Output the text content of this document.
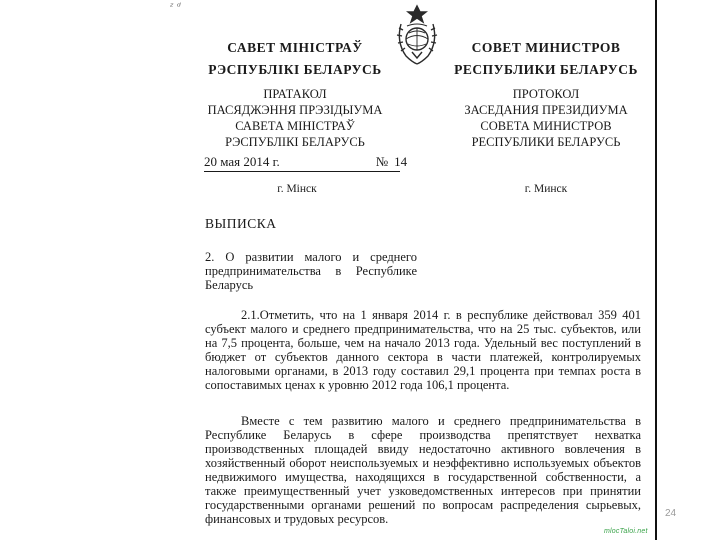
ᶻ ᵈ
САВЕТ МІНІСТРАЎ
РЭСПУБЛІКІ БЕЛАРУСЬ
СОВЕТ МИНИСТРОВ
РЕСПУБЛИКИ БЕЛАРУСЬ
ПРАТАКОЛ
ПАСЯДЖЭННЯ ПРЭЗІДЫУМА
САВЕТА МІНІСТРАЎ
РЭСПУБЛІКІ БЕЛАРУСЬ
ПРОТОКОЛ
ЗАСЕДАНИЯ ПРЕЗИДИУМА
СОВЕТА МИНИСТРОВ
РЕСПУБЛИКИ БЕЛАРУСЬ
20 мая 2014 г.	№ 14
г. Мінск	г. Минск
ВЫПИСКА
2. О развитии малого и среднего предпринимательства в Республике Беларусь
2.1.Отметить, что на 1 января 2014 г. в республике действовал 359 401 субъект малого и среднего предпринимательства, что на 25 тыс. субъектов, или на 7,5 процента, больше, чем на начало 2013 года. Удельный вес поступлений в бюджет от субъектов данного сектора в части платежей, контролируемых налоговыми органами, в 2013 году составил 29,1 процента при темпах роста в сопоставимых ценах к уровню 2012 года 106,1 процента.
Вместе с тем развитию малого и среднего предпринимательства в Республике Беларусь в сфере производства препятствует нехватка производственных площадей ввиду недостаточно активного вовлечения в хозяйственный оборот неиспользуемых и неэффективно используемых объектов недвижимого имущества, находящихся в государственной собственности, а также преимущественный учет узковедомственных интересов при принятии государственными органами решений по вопросам распределения сырьевых, финансовых и трудовых ресурсов.	24
mlocTaloi.net
